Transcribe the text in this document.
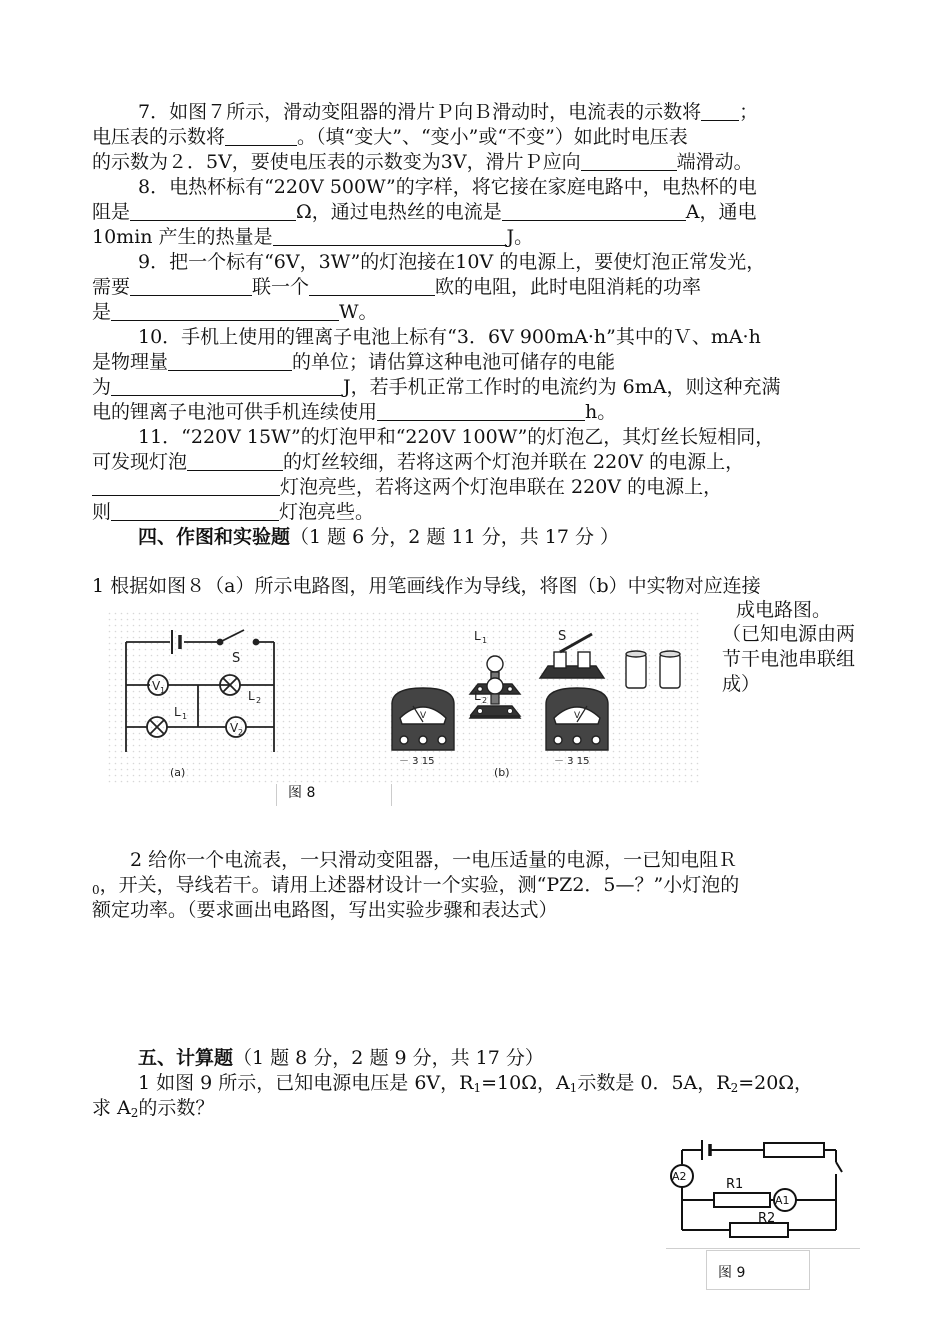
7．如图７所示，滑动变阻器的滑片Ｐ向Ｂ滑动时，电流表的示数将 ；

电压表的示数将	。（填“变大”、“变小”或“不变”）如此时电压表

的示数为２．5V，要使电压表的示数变为3V，滑片Ｐ应向	端滑动。

8．电热杯标有“220V 500W”的字样，将它接在家庭电路中，电热杯的电

阻是	Ω，通过电热丝的电流是	A，通电

10min 产生的热量是	J。

9．把一个标有“6V，3W”的灯泡接在10V 的电源上，要使灯泡正常发光，

需要	联一个	欧的电阻，此时电阻消耗的功率

是	W。

10．手机上使用的锂离子电池上标有“3．6V 900mA·h”其中的Ｖ、mA·h

是物理量	的单位；请估算这种电池可储存的电能

为	J，若手机正常工作时的电流约为 6mA，则这种充满

电的锂离子电池可供手机连续使用	h。

11．“220V 15W”的灯泡甲和“220V 100W”的灯泡乙，其灯丝长短相同，

可发现灯泡	的灯丝较细，若将这两个灯泡并联在 220V 的电源上，

灯泡亮些，若将这两个灯泡串联在 220V 的电源上，

则	灯泡亮些。

四、作图和实验题（1 题 6 分，2 题 11 分，共 17 分 ）

1 根据如图８（a）所示电路图，用笔画线作为导线，将图（b）中实物对应连接

成电路图。

（已知电源由两节干电池串联组成）
S
V 1	L 2
L 1
V 2
(a)
L 1
L 2
S
－ 3 15	－ 3 15
V	V
(b)
图 8

2 给你一个电流表，一只滑动变阻器，一电压适量的电源，一已知电阻Ｒ

$_0$，开关，导线若干。请用上述器材设计一个实验，测“PZ2．5—？”小灯泡的

额定功率。（要求画出电路图，写出实验步骤和表达式）

五、计算题（1 题 8 分，2 题 9 分，共 17 分）

1 如图 9 所示，已知电源电压是 6V，$R_1=10\Omega$，$A_1$示数是 0．5A，$R_2=20\Omega$，

求 $A_2$的示数？

A2
A1
R1
R2
图 9
